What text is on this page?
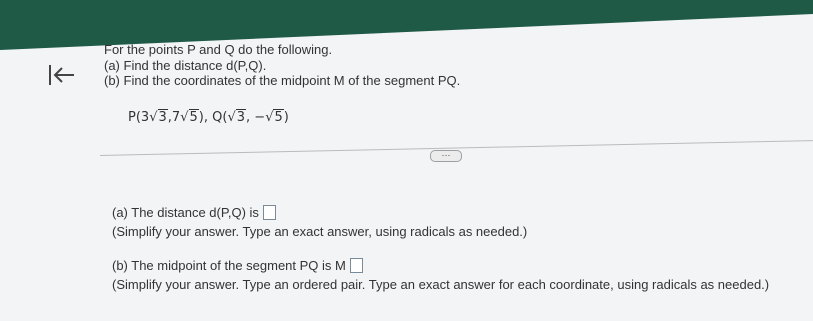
For the points P and Q do the following.
(a) Find the distance d(P,Q).
(b) Find the coordinates of the midpoint M of the segment PQ.
P(3√3,7√5), Q(√3, −√5)
···
(a) The distance d(P,Q) is
(Simplify your answer. Type an exact answer, using radicals as needed.)
(b) The midpoint of the segment PQ is M
(Simplify your answer. Type an ordered pair. Type an exact answer for each coordinate, using radicals as needed.)
